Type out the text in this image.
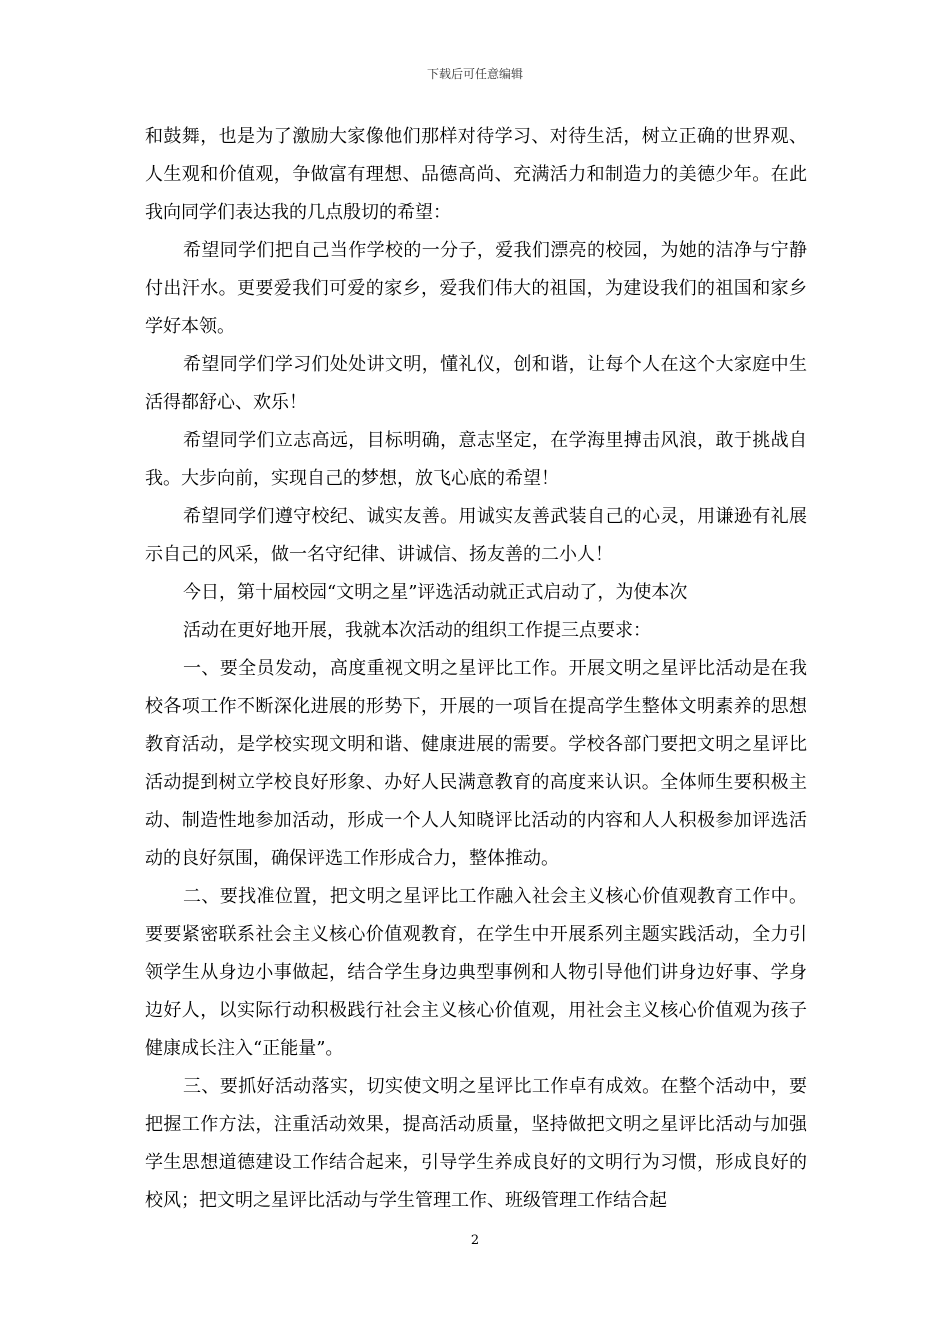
下载后可任意编辑

和鼓舞，也是为了激励大家像他们那样对待学习、对待生活，树立正确的世界观、人生观和价值观，争做富有理想、品德高尚、充满活力和制造力的美德少年。在此我向同学们表达我的几点殷切的希望：

希望同学们把自己当作学校的一分子，爱我们漂亮的校园，为她的洁净与宁静付出汗水。更要爱我们可爱的家乡，爱我们伟大的祖国，为建设我们的祖国和家乡学好本领。

希望同学们学习们处处讲文明，懂礼仪，创和谐，让每个人在这个大家庭中生活得都舒心、欢乐！

希望同学们立志高远，目标明确，意志坚定，在学海里搏击风浪，敢于挑战自我。大步向前，实现自己的梦想，放飞心底的希望！

希望同学们遵守校纪、诚实友善。用诚实友善武装自己的心灵，用谦逊有礼展示自己的风采，做一名守纪律、讲诚信、扬友善的二小人！

今日，第十届校园“文明之星”评选活动就正式启动了，为使本次

活动在更好地开展，我就本次活动的组织工作提三点要求：

一、要全员发动，高度重视文明之星评比工作。开展文明之星评比活动是在我校各项工作不断深化进展的形势下，开展的一项旨在提高学生整体文明素养的思想教育活动，是学校实现文明和谐、健康进展的需要。学校各部门要把文明之星评比活动提到树立学校良好形象、办好人民满意教育的高度来认识。全体师生要积极主动、制造性地参加活动，形成一个人人知晓评比活动的内容和人人积极参加评选活动的良好氛围，确保评选工作形成合力，整体推动。

二、要找准位置，把文明之星评比工作融入社会主义核心价值观教育工作中。要要紧密联系社会主义核心价值观教育，在学生中开展系列主题实践活动，全力引领学生从身边小事做起，结合学生身边典型事例和人物引导他们讲身边好事、学身边好人，以实际行动积极践行社会主义核心价值观，用社会主义核心价值观为孩子健康成长注入“正能量”。

三、要抓好活动落实，切实使文明之星评比工作卓有成效。在整个活动中，要把握工作方法，注重活动效果，提高活动质量，坚持做把文明之星评比活动与加强学生思想道德建设工作结合起来，引导学生养成良好的文明行为习惯，形成良好的校风；把文明之星评比活动与学生管理工作、班级管理工作结合起

2
